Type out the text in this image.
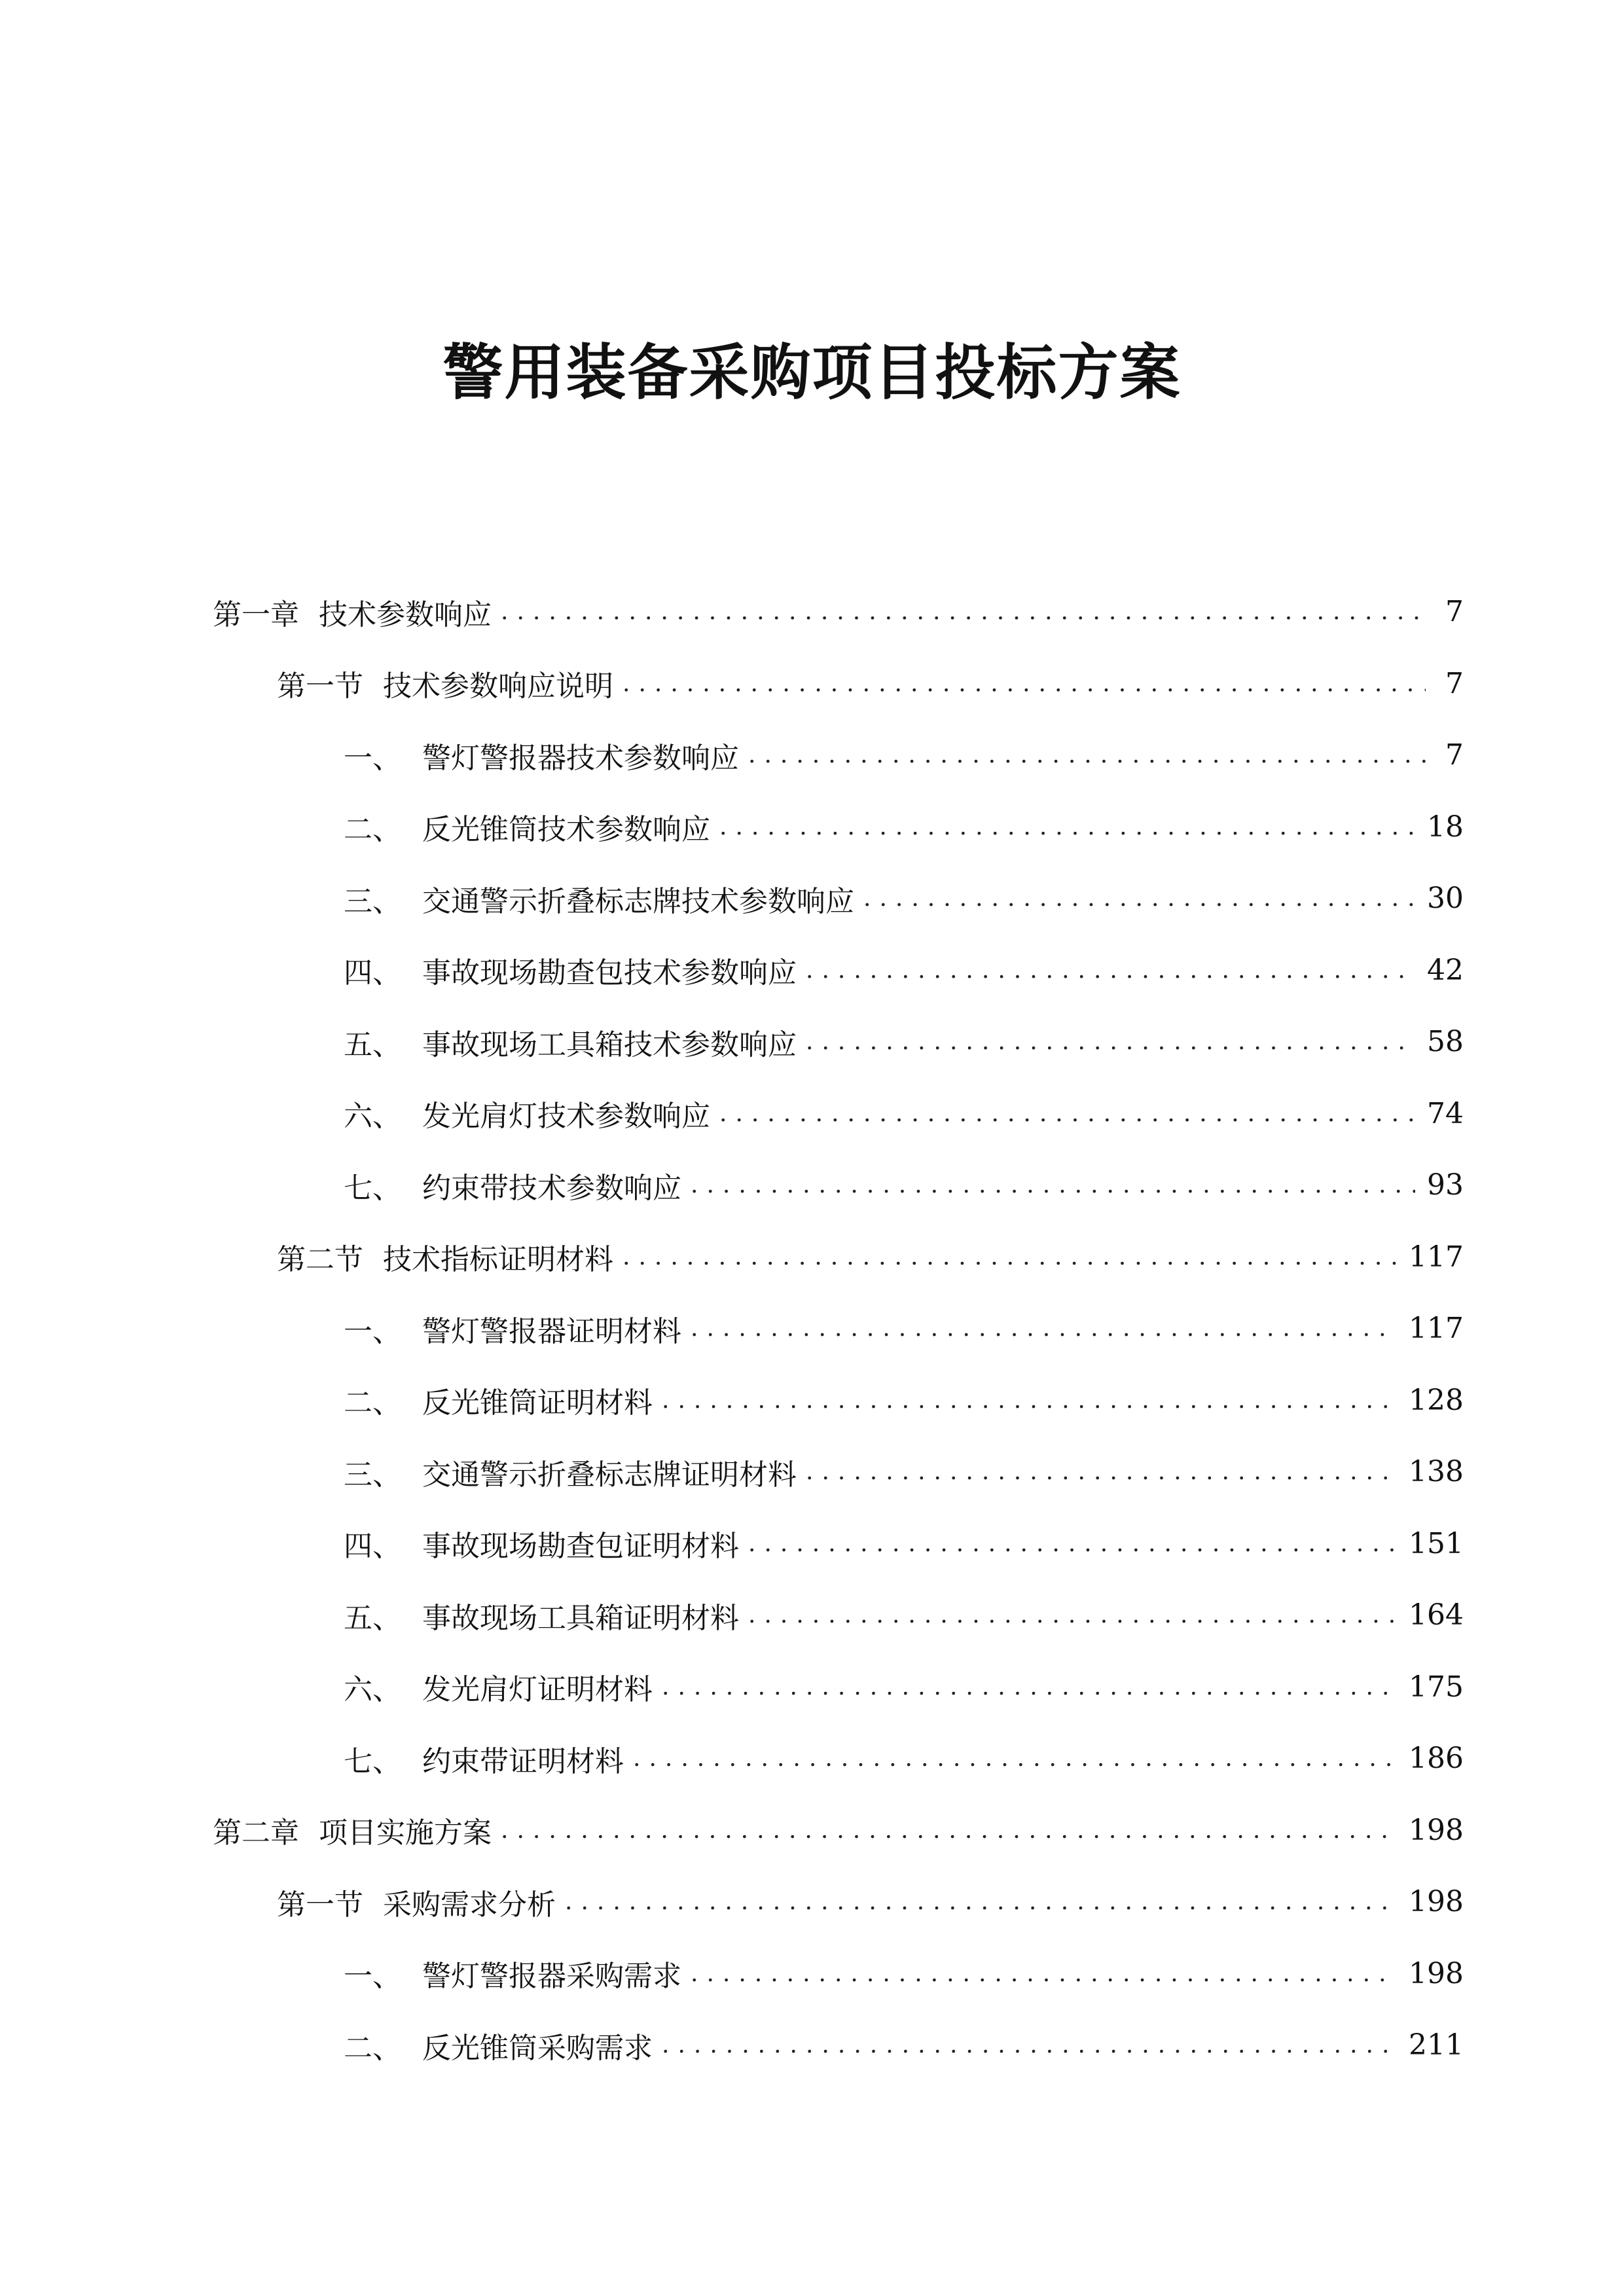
警用装备采购项目投标方案
第一章 技术参数响应 .....	7
第一节 技术参数响应说明 .....	7
一、 警灯警报器技术参数响应 .....	7
二、 反光锥筒技术参数响应 .....	18
三、 交通警示折叠标志牌技术参数响应 .....	30
四、 事故现场勘查包技术参数响应 .....	42
五、 事故现场工具箱技术参数响应 .....	58
六、 发光肩灯技术参数响应 .....	74
七、 约束带技术参数响应 .....	93
第二节 技术指标证明材料 .....	117
一、 警灯警报器证明材料 .....	117
二、 反光锥筒证明材料 .....	128
三、 交通警示折叠标志牌证明材料 .....	138
四、 事故现场勘查包证明材料 .....	151
五、 事故现场工具箱证明材料 .....	164
六、 发光肩灯证明材料 .....	175
七、 约束带证明材料 .....	186
第二章 项目实施方案 .....	198
第一节 采购需求分析 .....	198
一、 警灯警报器采购需求 .....	198
二、 反光锥筒采购需求 .....	211
